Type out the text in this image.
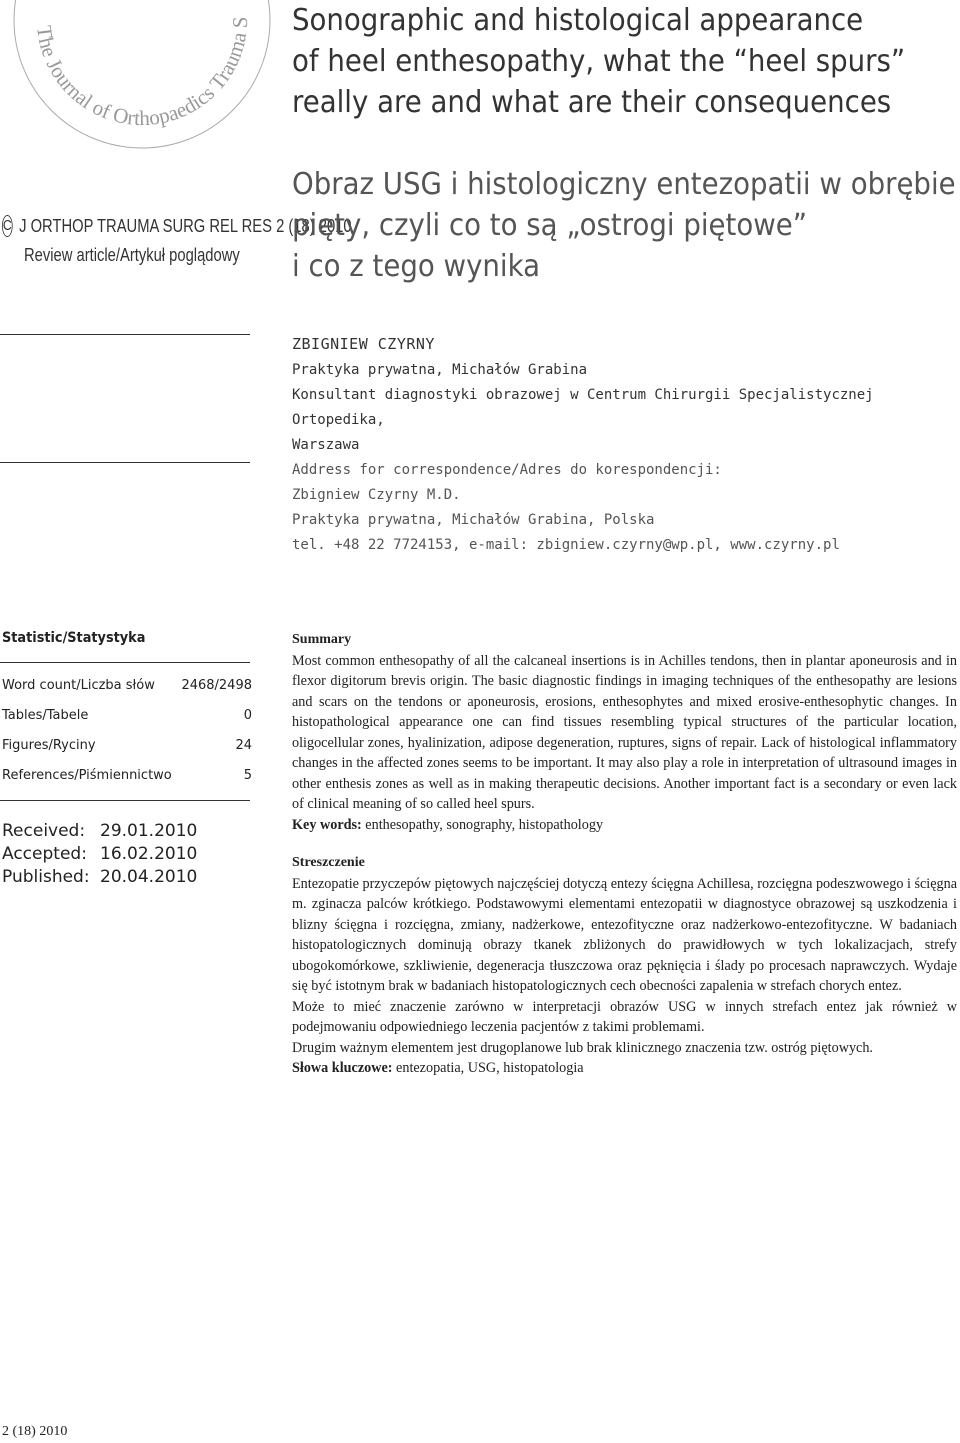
The Journal of Orthopaedics Trauma S
C J ORTHOP TRAUMA SURG REL RES 2 (18) 2010
Review article/Artykuł poglądowy
Sonographic and histological appearance
of heel enthesopathy, what the “heel spurs”
really are and what are their consequences
Obraz USG i histologiczny entezopatii w obrębie
pięty, czyli co to są „ostrogi piętowe”
i co z tego wynika
ZBIGNIEW CZYRNY
Praktyka prywatna, Michałów Grabina
Konsultant diagnostyki obrazowej w Centrum Chirurgii Specjalistycznej Ortopedika,
Warszawa
Address for correspondence/Adres do korespondencji:
Zbigniew Czyrny M.D.
Praktyka prywatna, Michałów Grabina, Polska
tel. +48 22 7724153, e-mail: zbigniew.czyrny@wp.pl, www.czyrny.pl
Statistic/Statystyka
Word count/Liczba słów 2468/2498
Tables/Tabele	0
Figures/Ryciny	24
References/Piśmiennictwo	5
Received: 29.01.2010
Accepted: 16.02.2010
Published: 20.04.2010

Summary

Most common enthesopathy of all the calcaneal insertions is in Achilles tendons, then in plantar aponeurosis and in flexor digitorum brevis origin. The basic diagnostic findings in imaging techniques of the enthesopathy are lesions and scars on the tendons or aponeurosis, erosions, enthesophytes and mixed erosive-enthesophytic changes. In histopathological appearance one can find tissues resembling typical structures of the particular location, oligocellular zones, hyalinization, adipose degeneration, ruptures, signs of repair. Lack of histological inflammatory changes in the affected zones seems to be important. It may also play a role in interpretation of ultrasound images in other enthesis zones as well as in making therapeutic decisions. Another important fact is a secondary or even lack of clinical meaning of so called heel spurs.

Key words: enthesopathy, sonography, histopathology

Streszczenie

Entezopatie przyczepów piętowych najczęściej dotyczą entezy ścięgna Achillesa, rozcięgna podeszwowego i ścięgna m. zginacza palców krótkiego. Podstawowymi elementami entezopatii w diagnostyce obrazowej są uszkodzenia i blizny ścięgna i rozcięgna, zmiany, nadżerkowe, entezofityczne oraz nadżerkowo-entezofityczne. W badaniach histopatologicznych dominują obrazy tkanek zbliżonych do prawidłowych w tych lokalizacjach, strefy ubogokomórkowe, szkliwienie, degeneracja tłuszczowa oraz pęknięcia i ślady po procesach naprawczych. Wydaje się być istotnym brak w badaniach histopatologicznych cech obecności zapalenia w strefach chorych entez.

Może to mieć znaczenie zarówno w interpretacji obrazów USG w innych strefach entez jak również w podejmowaniu odpowiedniego leczenia pacjentów z takimi problemami.

Drugim ważnym elementem jest drugoplanowe lub brak klinicznego znaczenia tzw. ostróg piętowych.

Słowa kluczowe: entezopatia, USG, histopatologia

2 (18) 2010
